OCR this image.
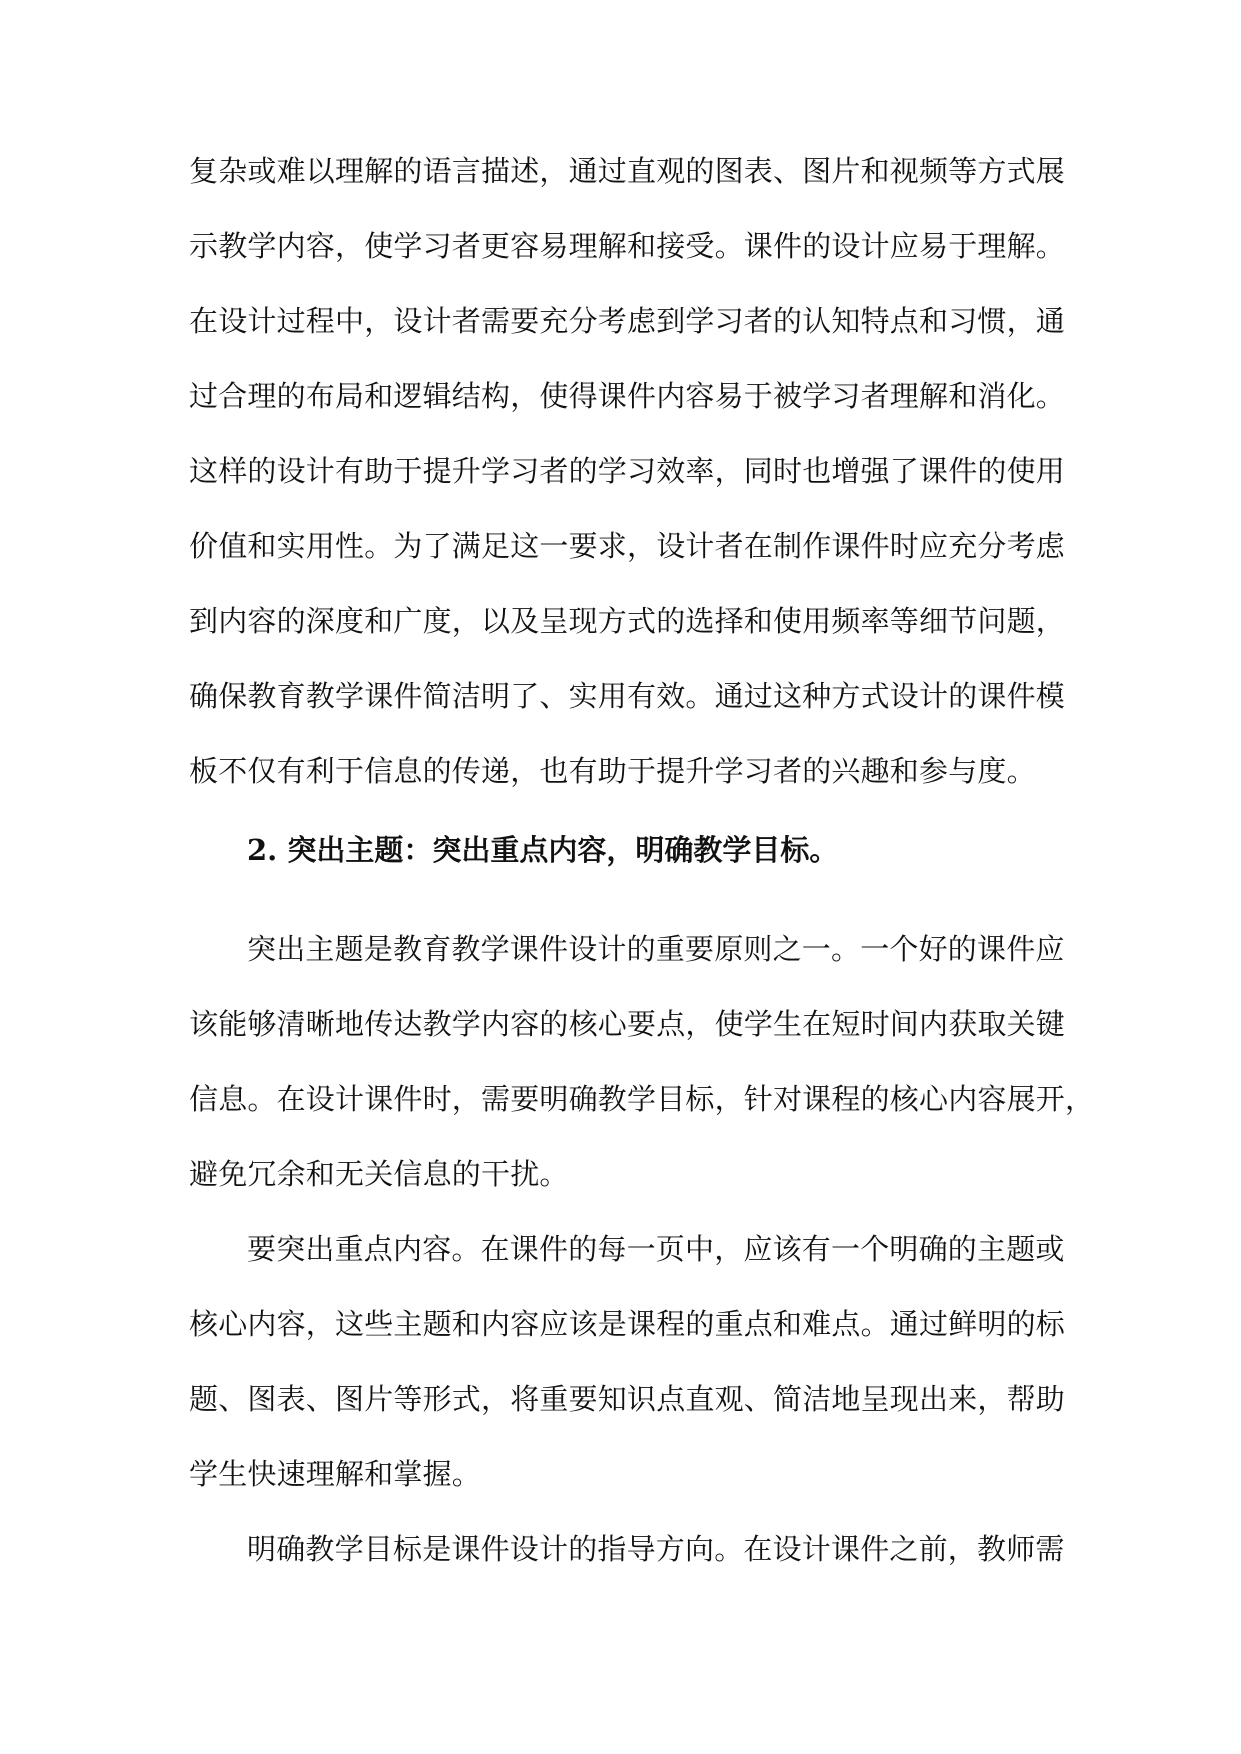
复杂或难以理解的语言描述，通过直观的图表、图片和视频等方式展
示教学内容，使学习者更容易理解和接受。课件的设计应易于理解。
在设计过程中，设计者需要充分考虑到学习者的认知特点和习惯，通
过合理的布局和逻辑结构，使得课件内容易于被学习者理解和消化。
这样的设计有助于提升学习者的学习效率，同时也增强了课件的使用
价值和实用性。为了满足这一要求，设计者在制作课件时应充分考虑
到内容的深度和广度，以及呈现方式的选择和使用频率等细节问题，
确保教育教学课件简洁明了、实用有效。通过这种方式设计的课件模
板不仅有利于信息的传递，也有助于提升学习者的兴趣和参与度。
2. 突出主题：突出重点内容，明确教学目标。
突出主题是教育教学课件设计的重要原则之一。一个好的课件应
该能够清晰地传达教学内容的核心要点，使学生在短时间内获取关键
信息。在设计课件时，需要明确教学目标，针对课程的核心内容展开，
避免冗余和无关信息的干扰。
要突出重点内容。在课件的每一页中，应该有一个明确的主题或
核心内容，这些主题和内容应该是课程的重点和难点。通过鲜明的标
题、图表、图片等形式，将重要知识点直观、简洁地呈现出来，帮助
学生快速理解和掌握。
明确教学目标是课件设计的指导方向。在设计课件之前，教师需
